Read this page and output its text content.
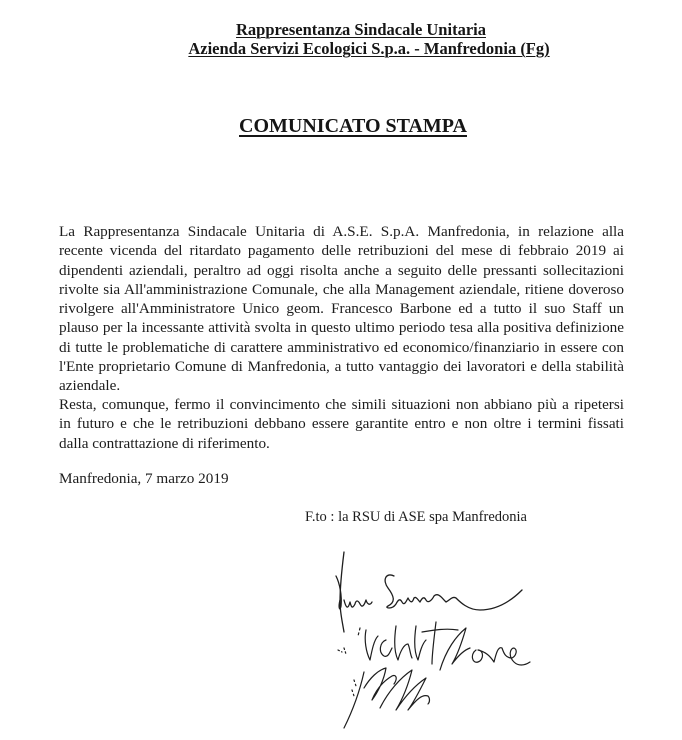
Rappresentanza Sindacale Unitaria
Azienda Servizi Ecologici S.p.a. - Manfredonia (Fg)
COMUNICATO STAMPA
La Rappresentanza Sindacale Unitaria di A.S.E. S.p.A. Manfredonia, in relazione alla
recente vicenda del ritardato pagamento delle retribuzioni del mese di febbraio 2019 ai
dipendenti aziendali, peraltro ad oggi risolta anche a seguito delle pressanti sollecitazioni
rivolte sia All'amministrazione Comunale, che alla Management aziendale, ritiene doveroso
rivolgere all'Amministratore Unico geom. Francesco Barbone ed a tutto il suo Staff un
plauso per la incessante attività svolta in questo ultimo periodo tesa alla positiva definizione
di tutte le problematiche di carattere amministrativo ed economico/finanziario in essere con
l'Ente proprietario Comune di Manfredonia, a tutto vantaggio dei lavoratori e della stabilità
aziendale.
Resta, comunque, fermo il convincimento che simili situazioni non abbiano più a ripetersi
in futuro e che le retribuzioni debbano essere garantite entro e non oltre i termini fissati
dalla contrattazione di riferimento.
Manfredonia, 7 marzo 2019
F.to : la RSU di ASE spa Manfredonia
